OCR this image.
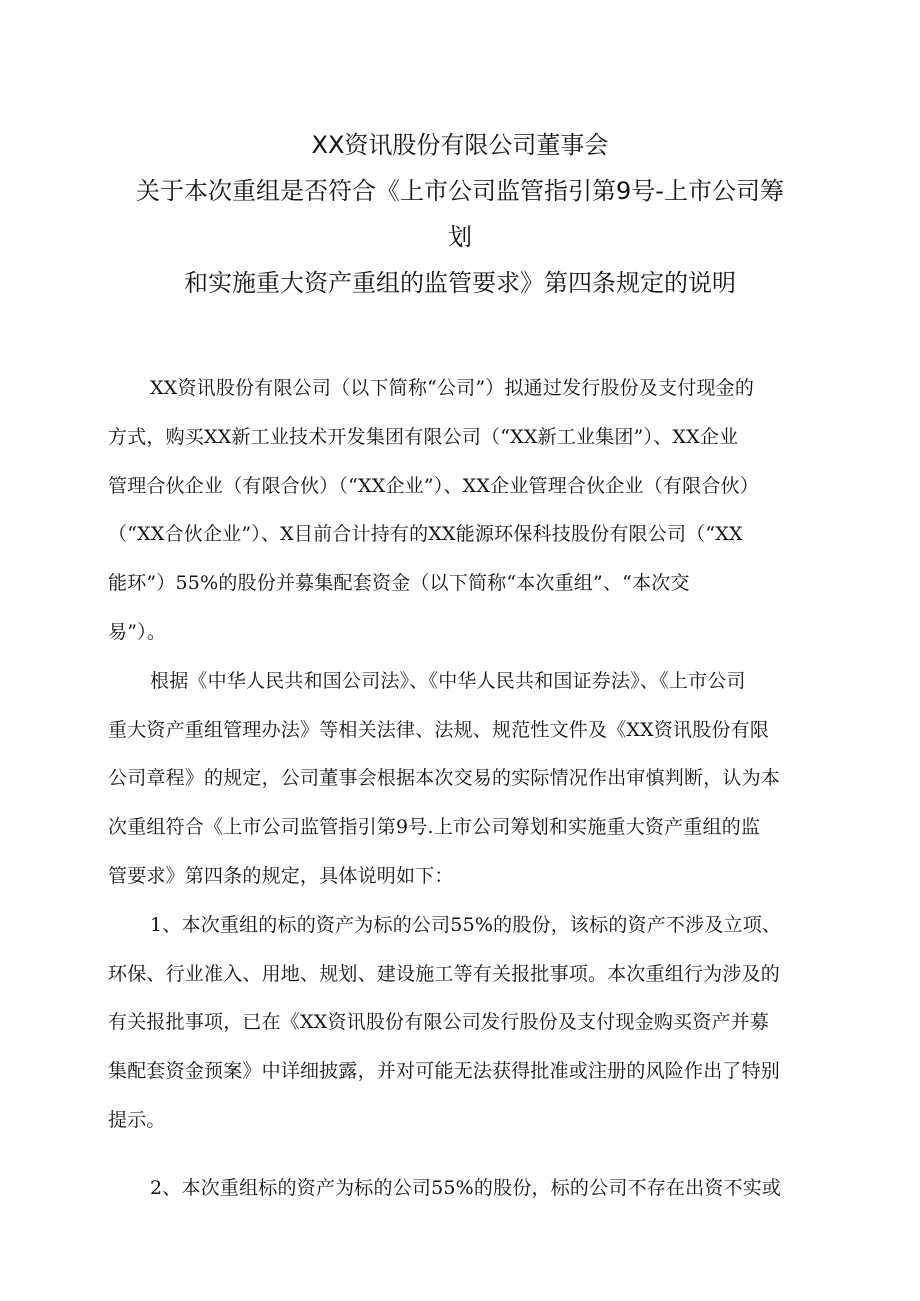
XX资讯股份有限公司董事会
关于本次重组是否符合《上市公司监管指引第9号-上市公司筹
划
和实施重大资产重组的监管要求》第四条规定的说明
XX资讯股份有限公司（以下简称“公司”）拟通过发行股份及支付现金的
方式，购买XX新工业技术开发集团有限公司（“XX新工业集团”）、XX企业
管理合伙企业（有限合伙）（“XX企业”）、XX企业管理合伙企业（有限合伙）
（“XX合伙企业”）、X目前合计持有的XX能源环保科技股份有限公司（“XX
能环”）55%的股份并募集配套资金（以下简称“本次重组”、“本次交
易”）。
根据《中华人民共和国公司法》、《中华人民共和国证券法》、《上市公司
重大资产重组管理办法》等相关法律、法规、规范性文件及《XX资讯股份有限
公司章程》的规定，公司董事会根据本次交易的实际情况作出审慎判断，认为本
次重组符合《上市公司监管指引第9号.上市公司筹划和实施重大资产重组的监
管要求》第四条的规定，具体说明如下：
1、本次重组的标的资产为标的公司55%的股份，该标的资产不涉及立项、
环保、行业准入、用地、规划、建设施工等有关报批事项。本次重组行为涉及的
有关报批事项，已在《XX资讯股份有限公司发行股份及支付现金购买资产并募
集配套资金预案》中详细披露，并对可能无法获得批准或注册的风险作出了特别
提示。
2、本次重组标的资产为标的公司55%的股份，标的公司不存在出资不实或
